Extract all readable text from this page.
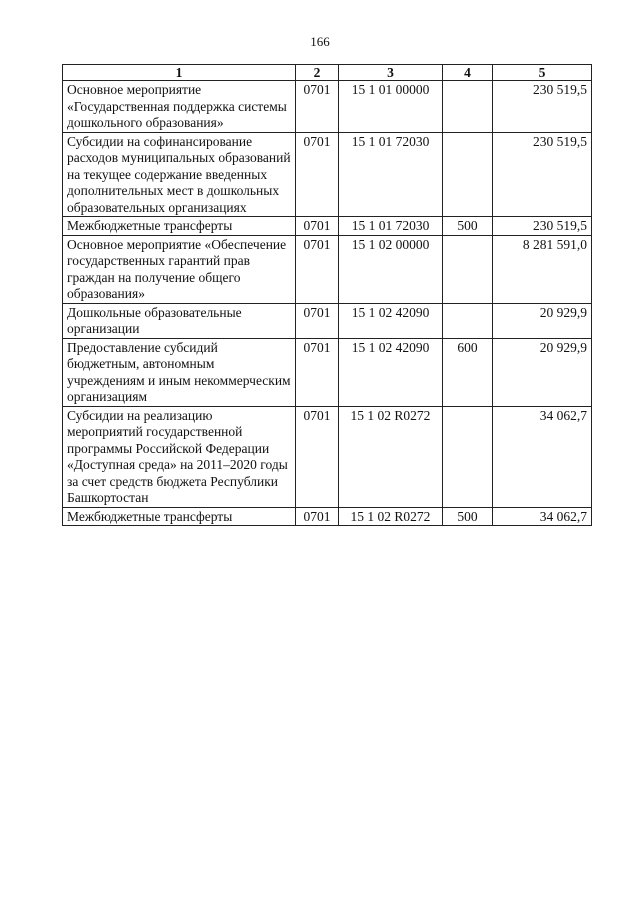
166
1	2	3	4	5
Основное мероприятие «Государственная поддержка системы дошкольного образования»	0701	15 1 01 00000		230 519,5
Субсидии на софинансирование расходов муниципальных образований на текущее содержание введенных дополнительных мест в дошкольных образовательных организациях	0701	15 1 01 72030		230 519,5
Межбюджетные трансферты	0701	15 1 01 72030	500	230 519,5
Основное мероприятие «Обеспечение государственных гарантий прав граждан на получение общего образования»	0701	15 1 02 00000		8 281 591,0
Дошкольные образовательные организации	0701	15 1 02 42090		20 929,9
Предоставление субсидий бюджетным, автономным учреждениям и иным некоммерческим организациям	0701	15 1 02 42090	600	20 929,9
Субсидии на реализацию мероприятий государственной программы Российской Федерации «Доступная среда» на 2011–2020 годы за счет средств бюджета Республики Башкортостан	0701	15 1 02 R0272		34 062,7
Межбюджетные трансферты	0701	15 1 02 R0272	500	34 062,7
